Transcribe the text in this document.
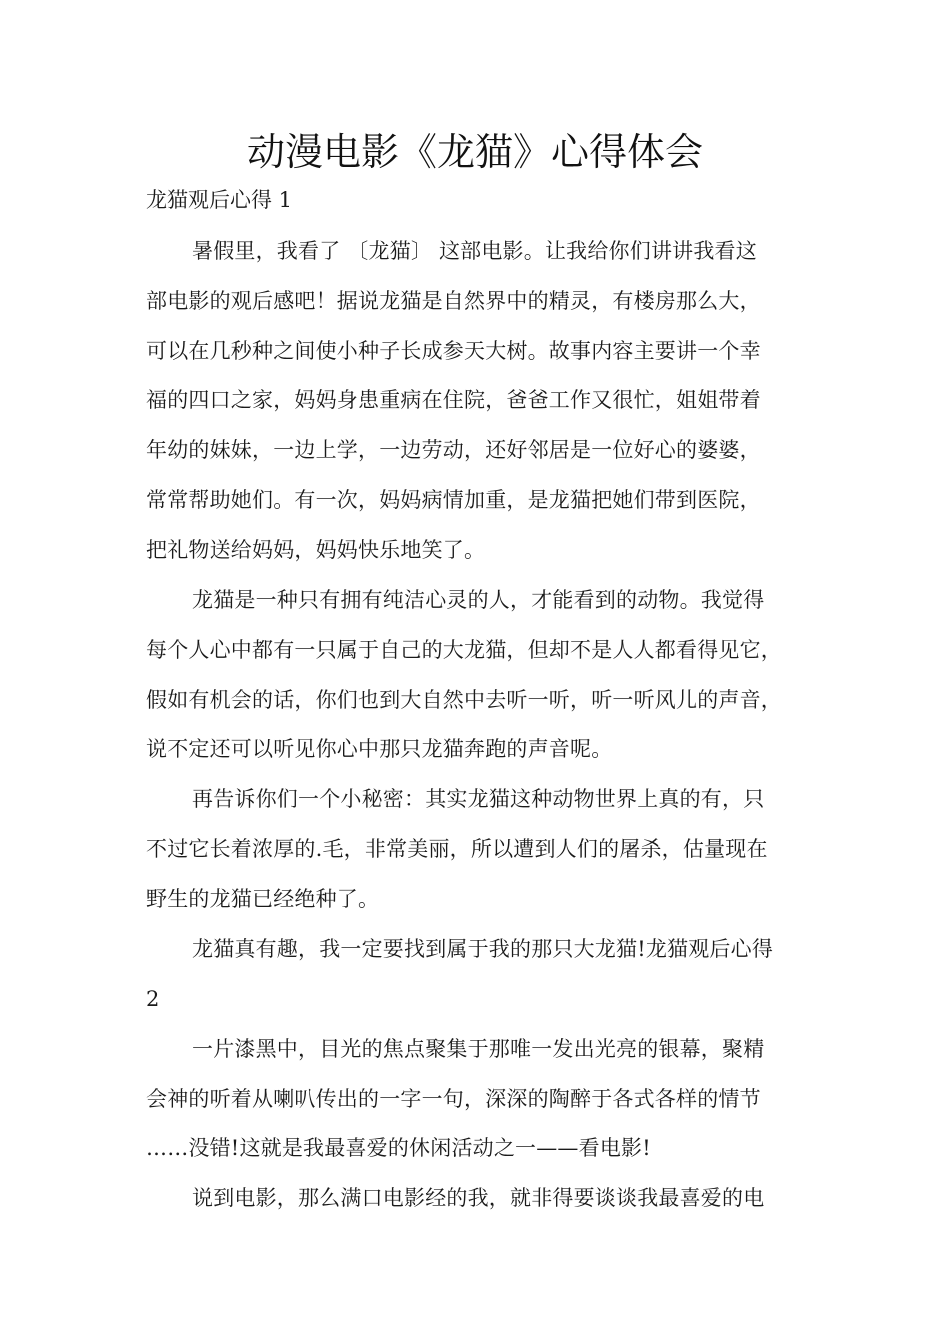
动漫电影《龙猫》心得体会

龙猫观后心得 1

暑假里，我看了 〔龙猫〕 这部电影。让我给你们讲讲我看这

部电影的观后感吧！据说龙猫是自然界中的精灵，有楼房那么大，

可以在几秒种之间使小种子长成参天大树。故事内容主要讲一个幸

福的四口之家，妈妈身患重病在住院，爸爸工作又很忙，姐姐带着

年幼的妹妹，一边上学，一边劳动，还好邻居是一位好心的婆婆，

常常帮助她们。有一次，妈妈病情加重，是龙猫把她们带到医院，

把礼物送给妈妈，妈妈快乐地笑了。

龙猫是一种只有拥有纯洁心灵的人，才能看到的动物。我觉得

每个人心中都有一只属于自己的大龙猫，但却不是人人都看得见它，

假如有机会的话，你们也到大自然中去听一听，听一听风儿的声音，

说不定还可以听见你心中那只龙猫奔跑的声音呢。

再告诉你们一个小秘密：其实龙猫这种动物世界上真的有，只

不过它长着浓厚的.毛，非常美丽，所以遭到人们的屠杀，估量现在

野生的龙猫已经绝种了。

龙猫真有趣，我一定要找到属于我的那只大龙猫!龙猫观后心得

2

一片漆黑中，目光的焦点聚集于那唯一发出光亮的银幕，聚精

会神的听着从喇叭传出的一字一句，深深的陶醉于各式各样的情节

……没错!这就是我最喜爱的休闲活动之一——看电影!

说到电影，那么满口电影经的我，就非得要谈谈我最喜爱的电
